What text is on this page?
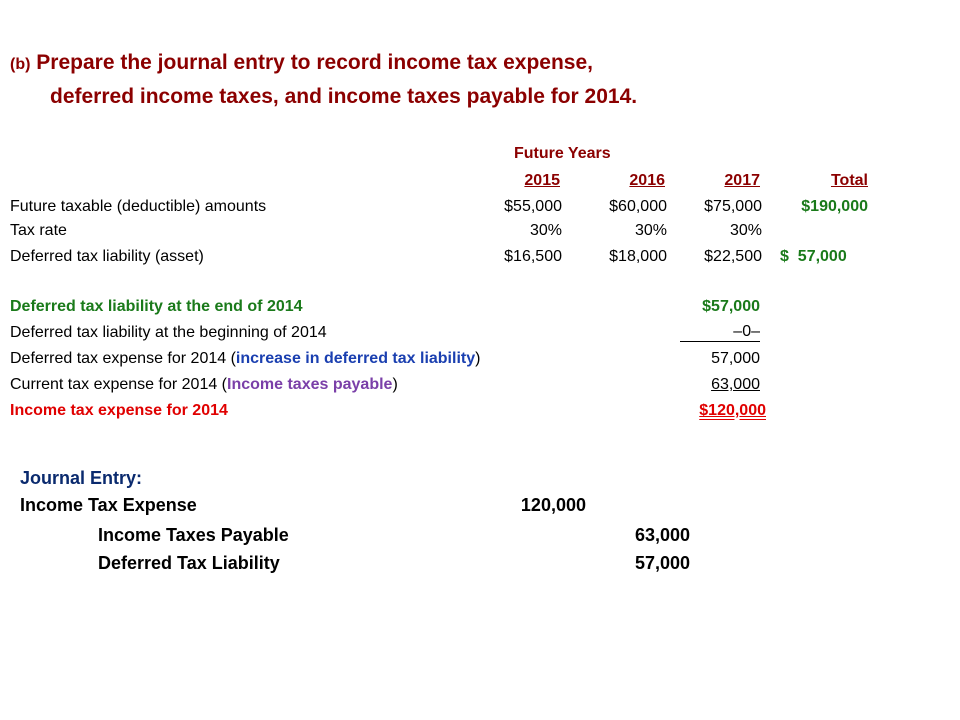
(b) Prepare the journal entry to record income tax expense,
deferred income taxes, and income taxes payable for 2014.
Future Years
2015	2016	2017	Total
Future taxable (deductible) amounts	$55,000	$60,000	$75,000	$190,000
Tax rate	30%	30%	30%
Deferred tax liability (asset)	$16,500	$18,000	$22,500 $  57,000
Deferred tax liability at the end of 2014	$57,000
Deferred tax liability at the beginning of 2014	–0–
Deferred tax expense for 2014 (increase in deferred tax liability)	57,000
Current tax expense for 2014 (Income taxes payable)	63,000
Income tax expense for 2014	$120,000
Journal Entry:
Income Tax Expense	120,000
Income Taxes Payable	63,000
Deferred Tax Liability	57,000
